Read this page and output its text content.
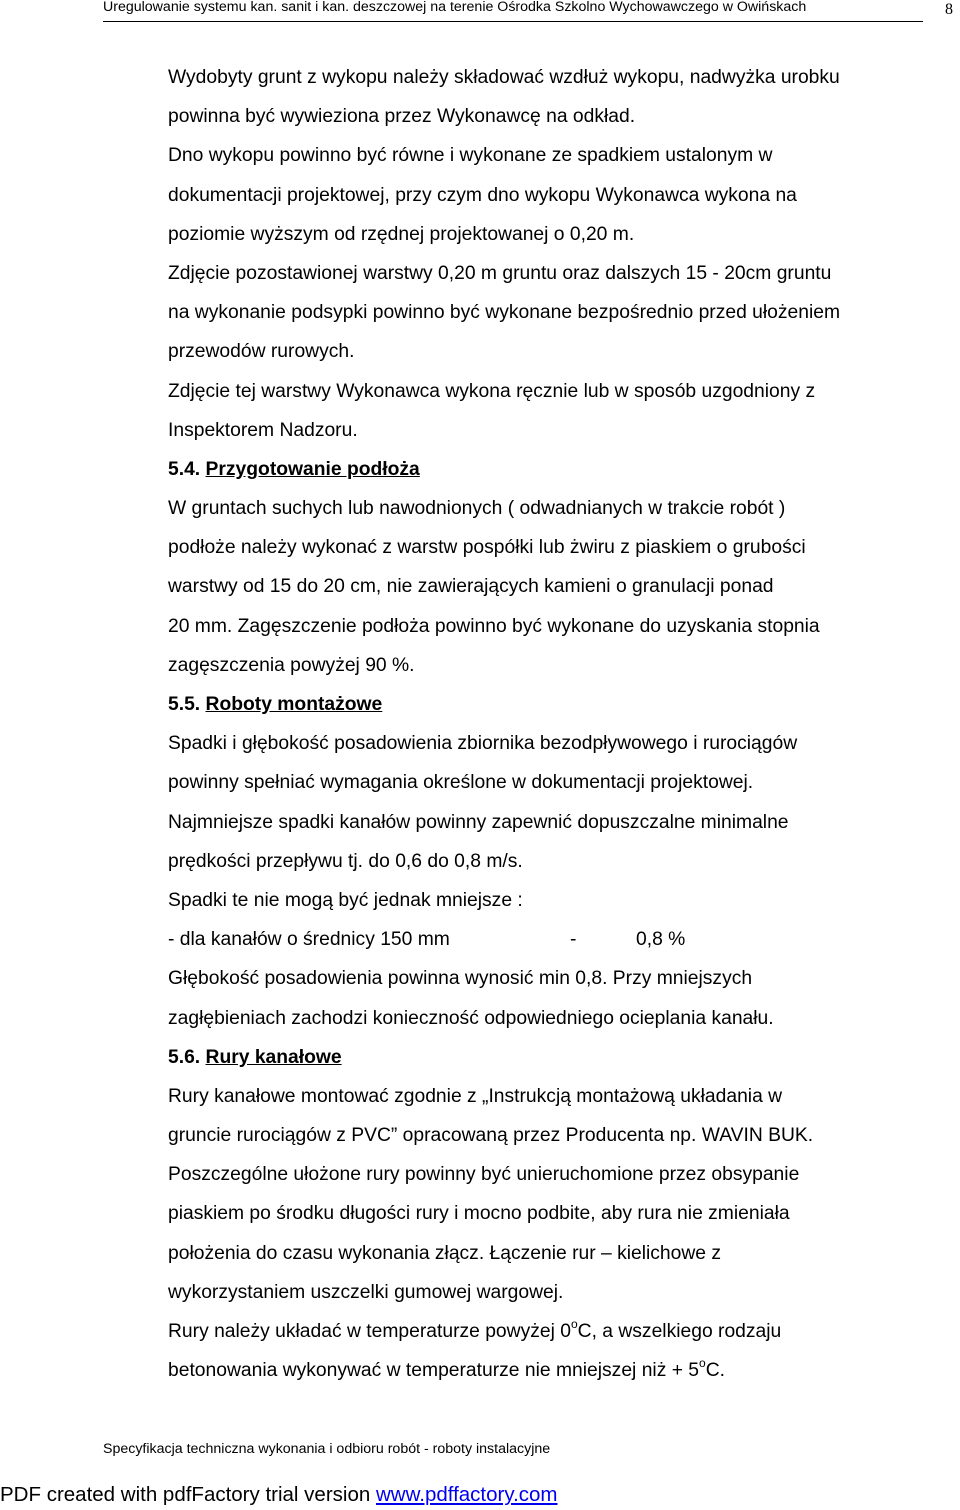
Uregulowanie systemu kan. sanit i kan. deszczowej na terenie Ośrodka Szkolno Wychowawczego w Owińskach	8
Wydobyty grunt z wykopu należy składować wzdłuż wykopu, nadwyżka urobku
powinna być wywieziona przez Wykonawcę na odkład.
Dno wykopu powinno być równe i wykonane ze spadkiem ustalonym w
dokumentacji projektowej, przy czym dno wykopu Wykonawca wykona na
poziomie wyższym od rzędnej projektowanej o 0,20 m.
Zdjęcie pozostawionej warstwy 0,20 m gruntu oraz dalszych 15 - 20cm gruntu
na wykonanie podsypki powinno być wykonane bezpośrednio przed ułożeniem
przewodów rurowych.
Zdjęcie tej warstwy Wykonawca wykona ręcznie lub w sposób uzgodniony z
Inspektorem Nadzoru.
5.4. Przygotowanie podłoża
W gruntach suchych lub nawodnionych ( odwadnianych w trakcie robót )
podłoże należy wykonać z warstw pospółki lub żwiru z piaskiem o grubości
warstwy od 15 do 20 cm, nie zawierających kamieni o granulacji ponad
20 mm. Zagęszczenie podłoża powinno być wykonane do uzyskania stopnia
zagęszczenia powyżej 90 %.
5.5. Roboty montażowe
Spadki i głębokość posadowienia zbiornika bezodpływowego i rurociągów
powinny spełniać wymagania określone w dokumentacji projektowej.
Najmniejsze spadki kanałów powinny zapewnić dopuszczalne minimalne
prędkości przepływu tj. do 0,6 do 0,8 m/s.
Spadki te nie mogą być jednak mniejsze :
- dla kanałów o średnicy 150 mm	-	0,8 %
Głębokość posadowienia powinna wynosić min 0,8. Przy mniejszych
zagłębieniach zachodzi konieczność odpowiedniego ocieplania kanału.
5.6. Rury kanałowe
Rury kanałowe montować zgodnie z „Instrukcją montażową układania w
gruncie rurociągów z PVC” opracowaną przez Producenta np. WAVIN BUK.
Poszczególne ułożone rury powinny być unieruchomione przez obsypanie
piaskiem po środku długości rury i mocno podbite, aby rura nie zmieniała
położenia do czasu wykonania złącz. Łączenie rur – kielichowe z
wykorzystaniem uszczelki gumowej wargowej.
Rury należy układać w temperaturze powyżej 0$^o$C, a wszelkiego rodzaju
betonowania wykonywać w temperaturze nie mniejszej niż + $5^oC$.
Specyfikacja techniczna wykonania i odbioru robót - roboty instalacyjne
PDF created with pdfFactory trial version www.pdffactory.com
